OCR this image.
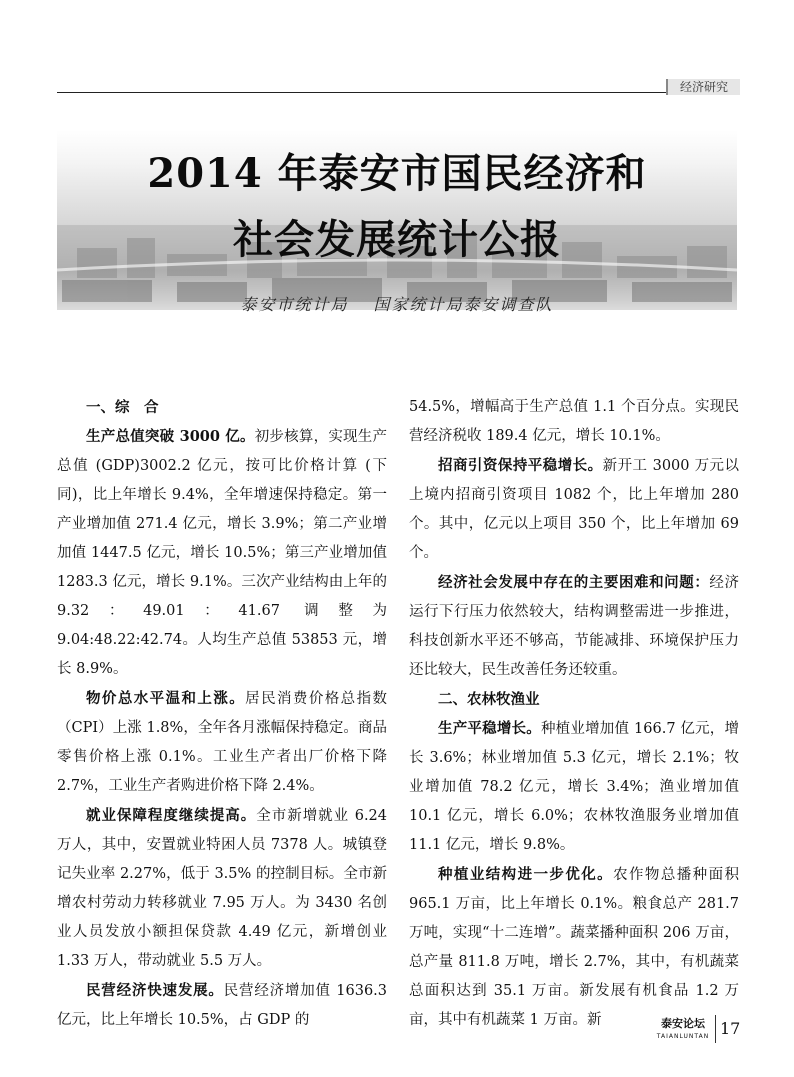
经济研究
2014 年泰安市国民经济和
社会发展统计公报
泰安市统计局 国家统计局泰安调查队
一、综　合

生产总值突破 3000 亿。初步核算，实现生产总值 (GDP)3002.2 亿元，按可比价格计算 (下同)，比上年增长 9.4%，全年增速保持稳定。第一产业增加值 271.4 亿元，增长 3.9%；第二产业增加值 1447.5 亿元，增长 10.5%；第三产业增加值 1283.3 亿元，增长 9.1%。三次产业结构由上年的 9.32：49.01：41.67 调整为 9.04:48.22:42.74。人均生产总值 53853 元，增长 8.9%。

物价总水平温和上涨。居民消费价格总指数（CPI）上涨 1.8%，全年各月涨幅保持稳定。商品零售价格上涨 0.1%。工业生产者出厂价格下降 2.7%，工业生产者购进价格下降 2.4%。

就业保障程度继续提高。全市新增就业 6.24 万人，其中，安置就业特困人员 7378 人。城镇登记失业率 2.27%，低于 3.5% 的控制目标。全市新增农村劳动力转移就业 7.95 万人。为 3430 名创业人员发放小额担保贷款 4.49 亿元，新增创业 1.33 万人，带动就业 5.5 万人。

民营经济快速发展。民营经济增加值 1636.3 亿元，比上年增长 10.5%，占 GDP 的

54.5%，增幅高于生产总值 1.1 个百分点。实现民营经济税收 189.4 亿元，增长 10.1%。

招商引资保持平稳增长。新开工 3000 万元以上境内招商引资项目 1082 个，比上年增加 280 个。其中，亿元以上项目 350 个，比上年增加 69 个。

经济社会发展中存在的主要困难和问题：经济运行下行压力依然较大，结构调整需进一步推进，科技创新水平还不够高，节能减排、环境保护压力还比较大，民生改善任务还较重。

二、农林牧渔业

生产平稳增长。种植业增加值 166.7 亿元，增长 3.6%；林业增加值 5.3 亿元，增长 2.1%；牧业增加值 78.2 亿元，增长 3.4%；渔业增加值 10.1 亿元，增长 6.0%；农林牧渔服务业增加值 11.1 亿元，增长 9.8%。

种植业结构进一步优化。农作物总播种面积 965.1 万亩，比上年增长 0.1%。粮食总产 281.7 万吨，实现“十二连增”。蔬菜播种面积 206 万亩，总产量 811.8 万吨，增长 2.7%，其中，有机蔬菜总面积达到 35.1 万亩。新发展有机食品 1.2 万亩，其中有机蔬菜 1 万亩。新	泰安论坛
TAIANLUNTAN 17
